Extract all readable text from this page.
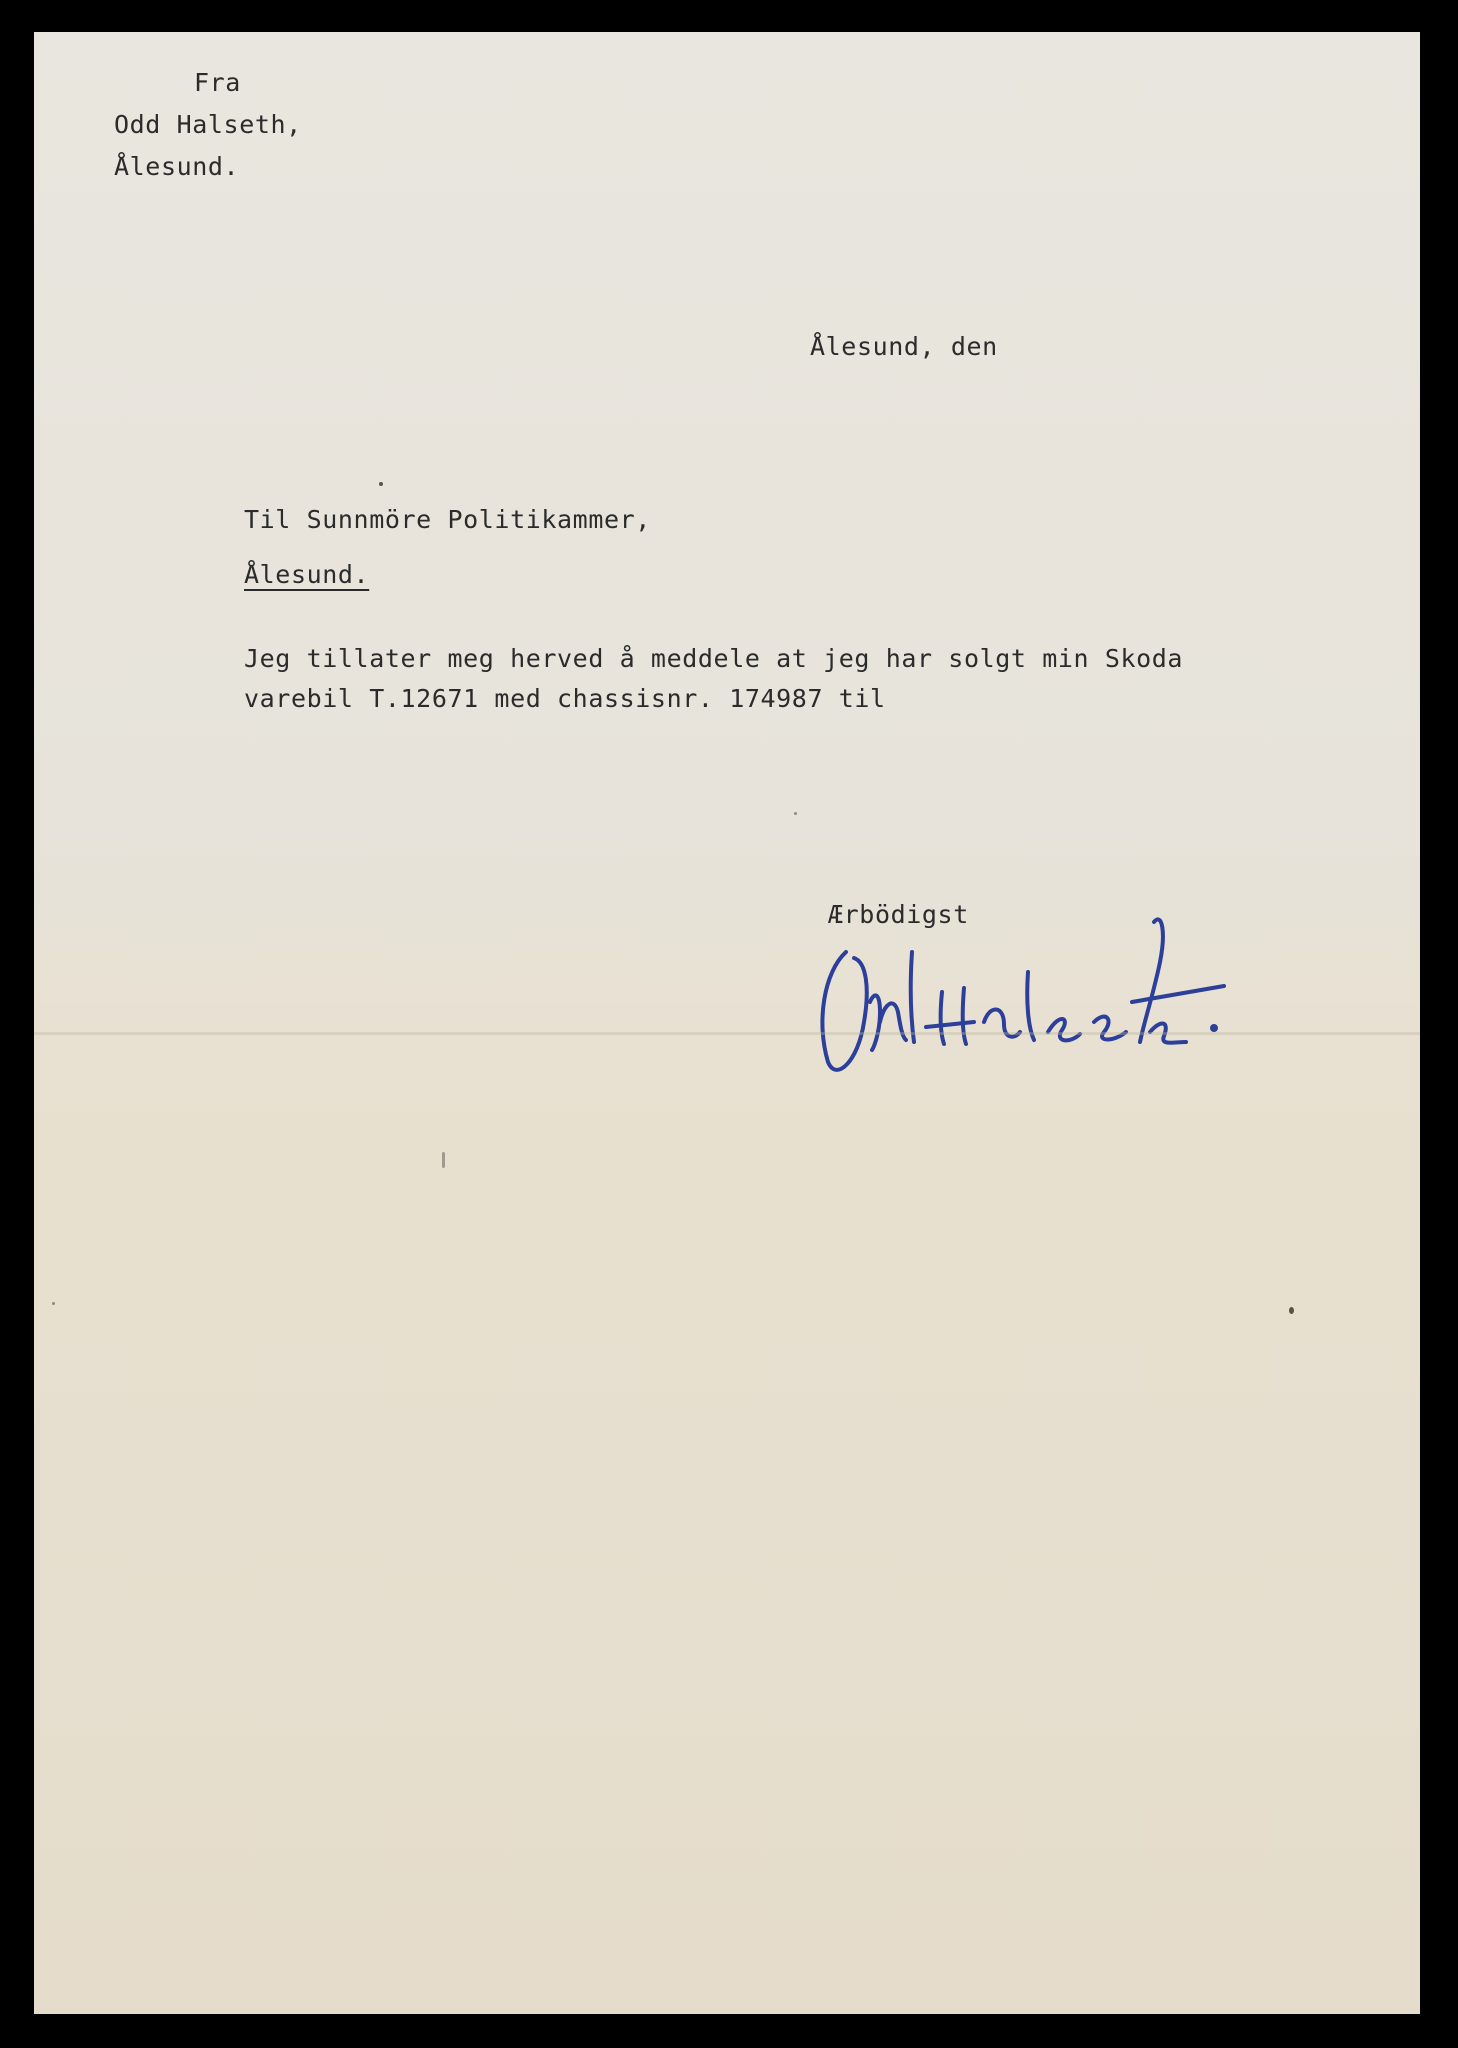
Fra

Odd Halseth,

Ålesund.

Ålesund, den

Til Sunnmöre Politikammer,

Ålesund.

Jeg tillater meg herved å meddele at jeg har solgt min Skoda

varebil T.12671 med chassisnr. 174987 til

Ærbödigst
